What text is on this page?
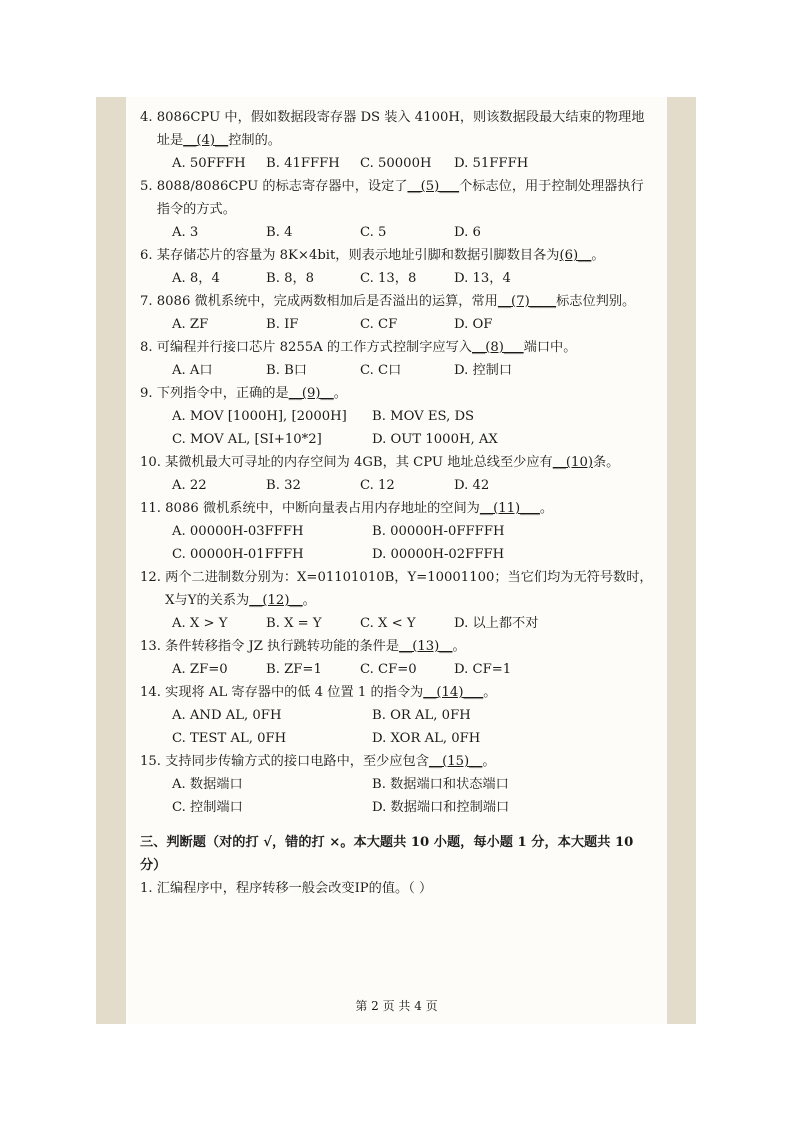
4. 8086CPU 中，假如数据段寄存器 DS 装入 4100H，则该数据段最大结束的物理地址是__(4)__控制的。
A. 50FFFH	B. 41FFFH	C. 50000H	D. 51FFFH
5. 8088/8086CPU 的标志寄存器中，设定了__(5)___个标志位，用于控制处理器执行指令的方式。
A. 3	B. 4	C. 5	D. 6
6. 某存储芯片的容量为 8K×4bit，则表示地址引脚和数据引脚数目各为(6)__。
A. 8，4	B. 8，8	C. 13，8	D. 13，4
7. 8086 微机系统中，完成两数相加后是否溢出的运算，常用__(7)____标志位判别。
A. ZF	B. IF	C. CF	D. OF
8. 可编程并行接口芯片 8255A 的工作方式控制字应写入__(8)___端口中。
A. A口	B. B口	C. C口	D. 控制口
9. 下列指令中，正确的是__(9)__。
A. MOV [1000H], [2000H]	B. MOV ES, DS
C. MOV AL, [SI+10*2]	D. OUT 1000H, AX
10. 某微机最大可寻址的内存空间为 4GB，其 CPU 地址总线至少应有__(10)条。
A. 22	B. 32	C. 12	D. 42
11. 8086 微机系统中，中断向量表占用内存地址的空间为__(11)___。
A. 00000H-03FFFH	B. 00000H-0FFFFH
C. 00000H-01FFFH	D. 00000H-02FFFH
12. 两个二进制数分别为：X=01101010B，Y=10001100；当它们均为无符号数时，X与Y的关系为__(12)__。
A. X > Y	B. X = Y	C. X < Y	D. 以上都不对
13. 条件转移指令 JZ 执行跳转功能的条件是__(13)__。
A. ZF=0	B. ZF=1	C. CF=0	D. CF=1
14. 实现将 AL 寄存器中的低 4 位置 1 的指令为__(14)___。
A. AND AL, 0FH	B. OR AL, 0FH
C. TEST AL, 0FH	D. XOR AL, 0FH
15. 支持同步传输方式的接口电路中，至少应包含__(15)__。
A. 数据端口	B. 数据端口和状态端口
C. 控制端口	D. 数据端口和控制端口
三、判断题（对的打 √，错的打 ×。本大题共 10 小题，每小题 1 分，本大题共 10 分）
1. 汇编程序中，程序转移一般会改变IP的值。（ ）
第 2 页 共 4 页
